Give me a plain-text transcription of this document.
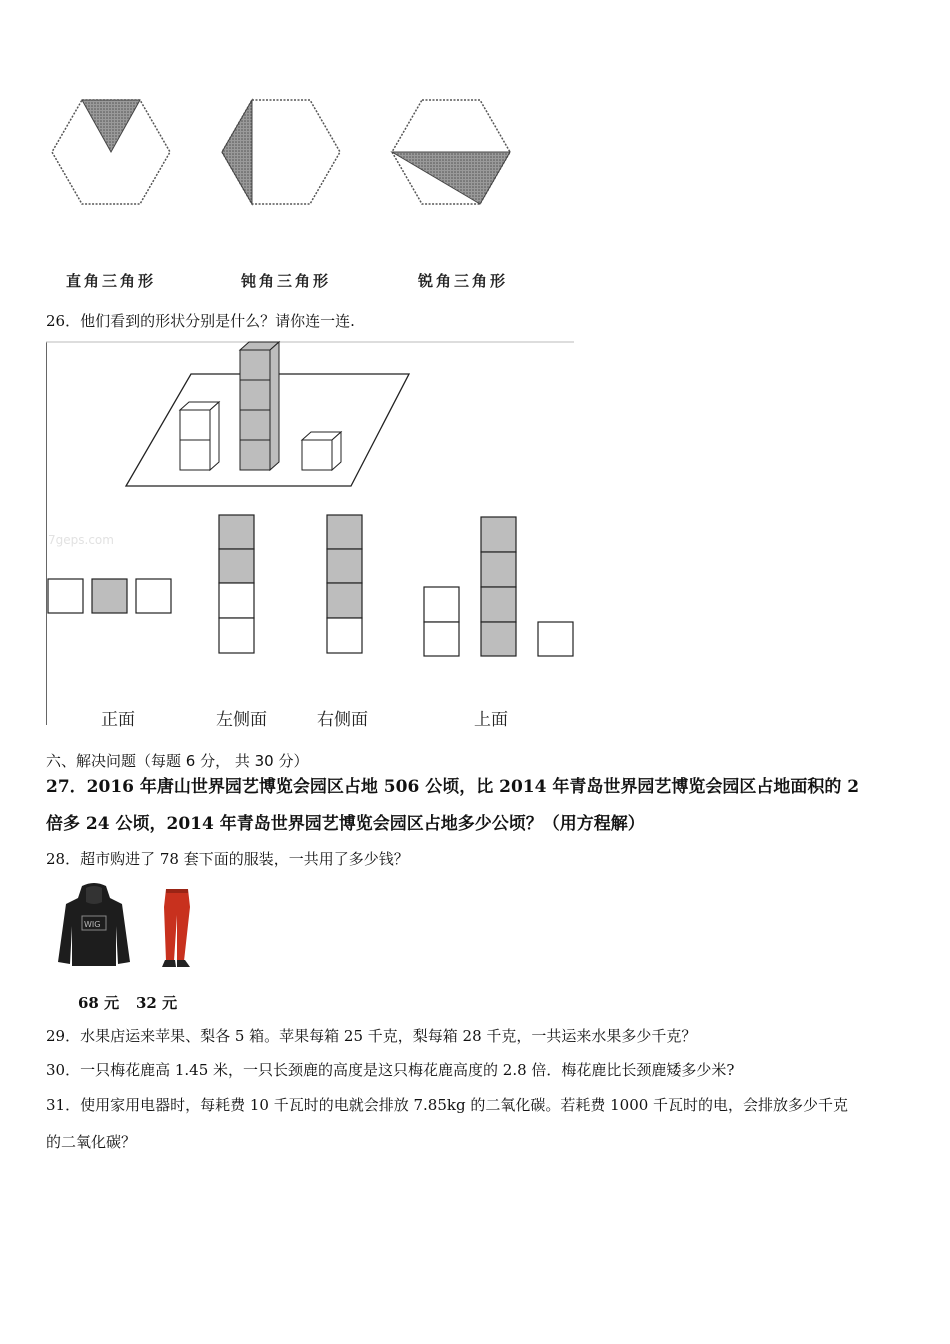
直角三角形	钝角三角形	锐角三角形
26．他们看到的形状分别是什么？请你连一连.
7geps.com
正面	左侧面	右侧面	上面
六、解决问题（每题 6 分， 共 30 分）
27．2016 年唐山世界园艺博览会园区占地 506 公顷，比 2014 年青岛世界园艺博览会园区占地面积的 2
倍多 24 公顷，2014 年青岛世界园艺博览会园区占地多少公顷？（用方程解）
28．超市购进了 78 套下面的服装，一共用了多少钱？
WIG
68 元 32 元
29．水果店运来苹果、梨各 5 箱。苹果每箱 25 千克，梨每箱 28 千克，一共运来水果多少千克？
30．一只梅花鹿高 1.45 米，一只长颈鹿的高度是这只梅花鹿高度的 2.8 倍．梅花鹿比长颈鹿矮多少米?
31．使用家用电器时，每耗费 10 千瓦时的电就会排放 7.85kg 的二氧化碳。若耗费 1000 千瓦时的电，会排放多少千克
的二氧化碳？
